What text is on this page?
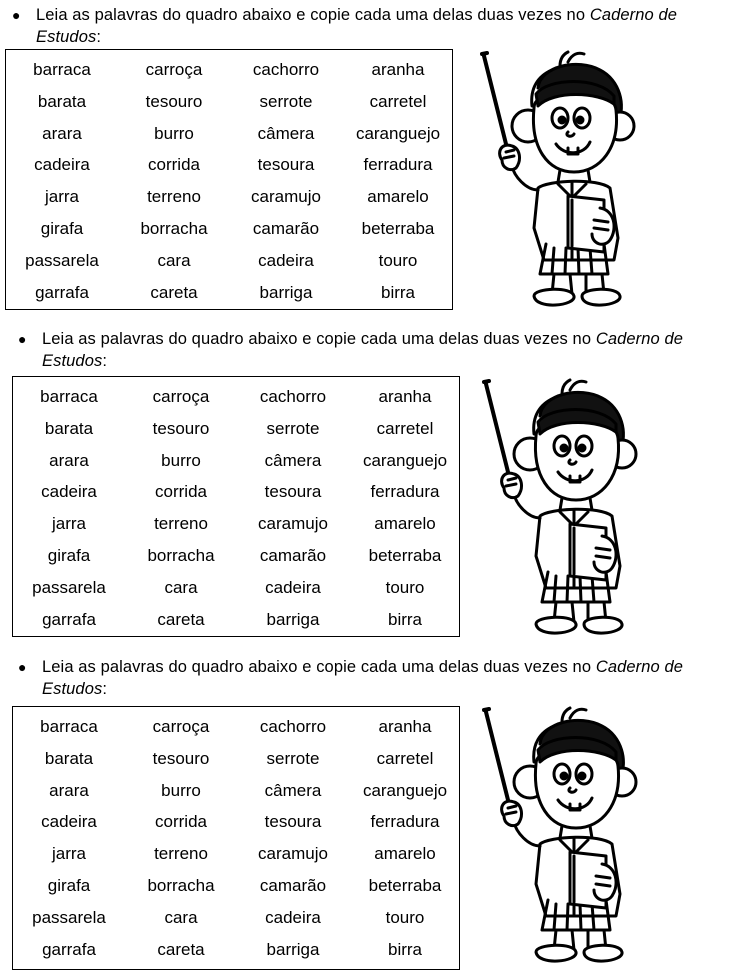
● Leia as palavras do quadro abaixo e copie cada uma delas duas vezes no Caderno de Estudos:
barraca	carroça	cachorro	aranha
barata	tesouro	serrote	carretel
arara	burro	câmera	caranguejo
cadeira	corrida	tesoura	ferradura
jarra	terreno	caramujo	amarelo
girafa	borracha	camarão	beterraba
passarela	cara	cadeira	touro
garrafa	careta	barriga	birra
● Leia as palavras do quadro abaixo e copie cada uma delas duas vezes no Caderno de Estudos:
barraca	carroça	cachorro	aranha
barata	tesouro	serrote	carretel
arara	burro	câmera	caranguejo
cadeira	corrida	tesoura	ferradura
jarra	terreno	caramujo	amarelo
girafa	borracha	camarão	beterraba
passarela	cara	cadeira	touro
garrafa	careta	barriga	birra
● Leia as palavras do quadro abaixo e copie cada uma delas duas vezes no Caderno de Estudos:
barraca	carroça	cachorro	aranha
barata	tesouro	serrote	carretel
arara	burro	câmera	caranguejo
cadeira	corrida	tesoura	ferradura
jarra	terreno	caramujo	amarelo
girafa	borracha	camarão	beterraba
passarela	cara	cadeira	touro
garrafa	careta	barriga	birra
